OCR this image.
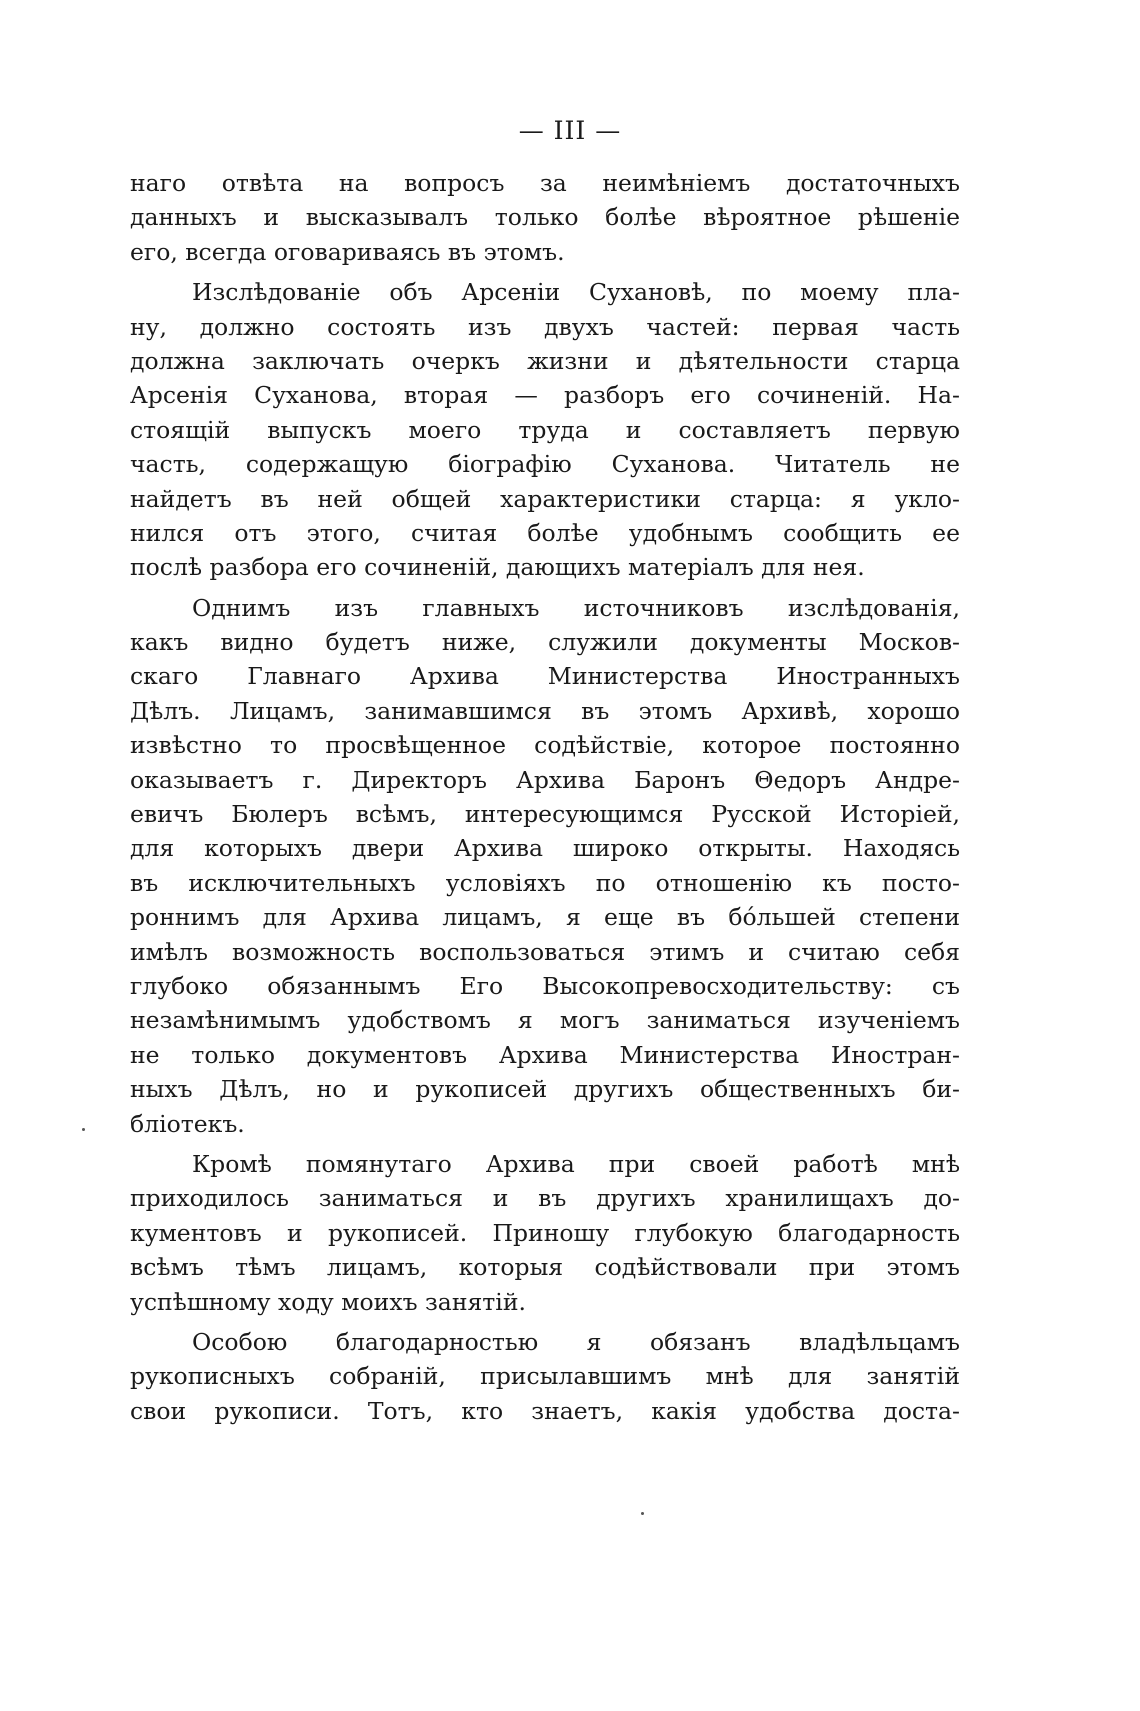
— III —
наго отвѣта на вопросъ за неимѣніемъ достаточныхъ
данныхъ и высказывалъ только болѣе вѣроятное рѣшеніе
его, всегда оговариваясь въ этомъ.
Изслѣдованіе объ Арсеніи Сухановѣ, по моему пла-
ну, должно состоять изъ двухъ частей: первая часть
должна заключать очеркъ жизни и дѣятельности старца
Арсенія Суханова, вторая — разборъ его сочиненій. На-
стоящій выпускъ моего труда и составляетъ первую
часть, содержащую біографію Суханова. Читатель не
найдетъ въ ней общей характеристики старца: я укло-
нился отъ этого, считая болѣе удобнымъ сообщить ее
послѣ разбора его сочиненій, дающихъ матеріалъ для нея.
Однимъ изъ главныхъ источниковъ изслѣдованія,
какъ видно будетъ ниже, служили документы Москов-
скаго Главнаго Архива Министерства Иностранныхъ
Дѣлъ. Лицамъ, занимавшимся въ этомъ Архивѣ, хорошо
извѣстно то просвѣщенное содѣйствіе, которое постоянно
оказываетъ г. Директоръ Архива Баронъ Θедоръ Андре-
евичъ Бюлеръ всѣмъ, интересующимся Русской Исторіей,
для которыхъ двери Архива широко открыты. Находясь
въ исключительныхъ условіяхъ по отношенію къ посто-
роннимъ для Архива лицамъ, я еще въ бóльшей степени
имѣлъ возможность воспользоваться этимъ и считаю себя
глубоко обязаннымъ Его Высокопревосходительству: съ
незамѣнимымъ удобствомъ я могъ заниматься изученіемъ
не только документовъ Архива Министерства Иностран-
ныхъ Дѣлъ, но и рукописей другихъ общественныхъ би-
бліотекъ.
Кромѣ помянутаго Архива при своей работѣ мнѣ
приходилось заниматься и въ другихъ хранилищахъ до-
кументовъ и рукописей. Приношу глубокую благодарность
всѣмъ тѣмъ лицамъ, которыя содѣйствовали при этомъ
успѣшному ходу моихъ занятій.
Особою благодарностью я обязанъ владѣльцамъ
рукописныхъ собраній, присылавшимъ мнѣ для занятій
свои рукописи. Тотъ, кто знаетъ, какія удобства доста-
